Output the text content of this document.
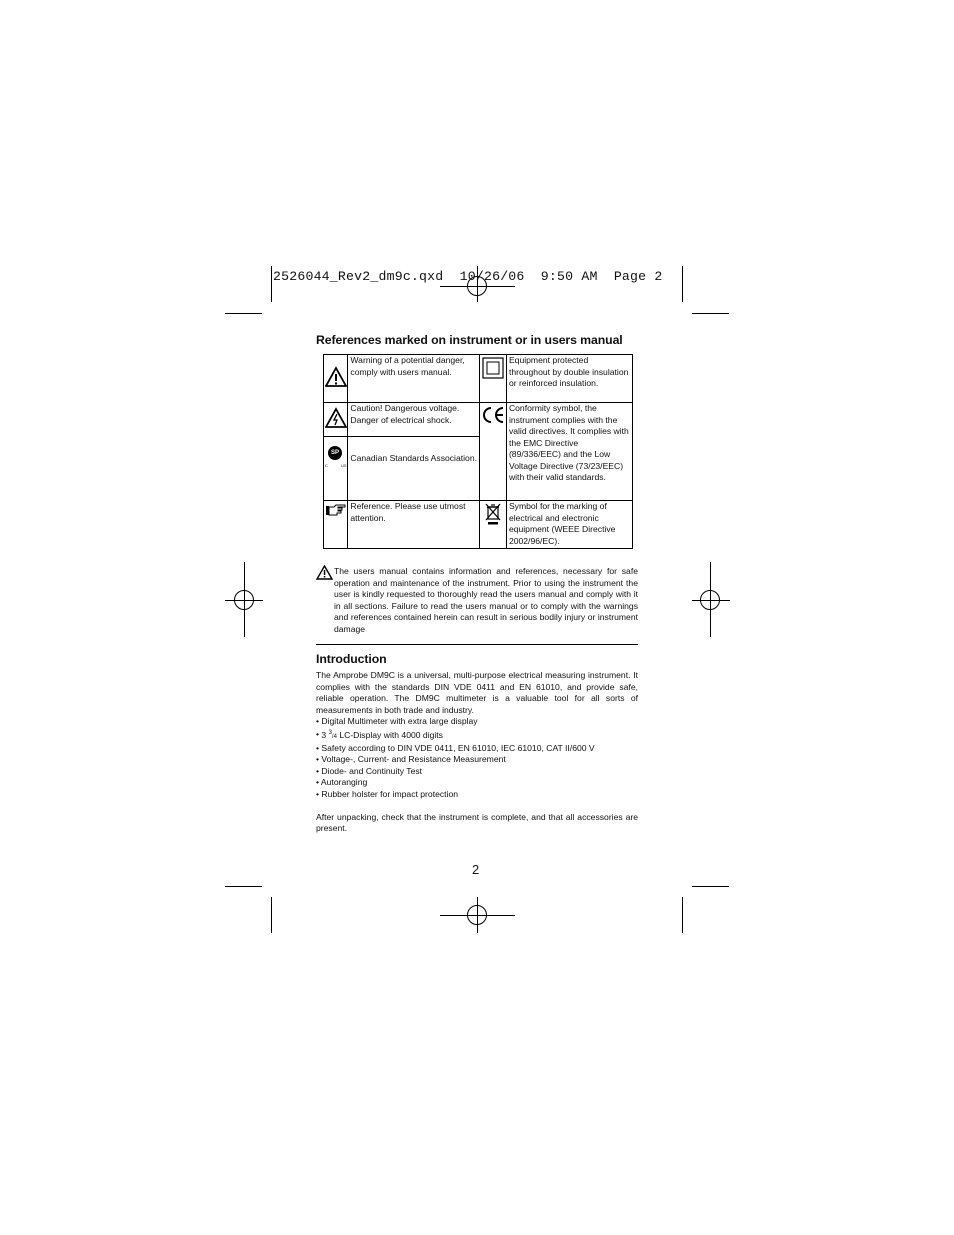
2526044_Rev2_dm9c.qxd 10/26/06 9:50 AM Page 2
References marked on instrument or in users manual
	Warning of a potential danger, comply with users manual.		Equipment protected throughout by double insulation or reinforced insulation.
	Caution! Dangerous voltage. Danger of electrical shock.		Conformity symbol, the instrument complies with the valid directives. It complies with the EMC Directive (89/336/EEC) and the Low Voltage Directive (73/23/EEC) with their valid standards.

SP
C US	Canadian Standards Association.		
	Reference. Please use utmost attention.		Symbol for the marking of electrical and electronic equipment (WEEE Directive 2002/96/EC).

The users manual contains information and references, necessary for safe operation and maintenance of the instrument. Prior to using the instrument the user is kindly requested to thoroughly read the users manual and comply with it in all sections. Failure to read the users manual or to comply with the warnings and references contained herein can result in serious bodily injury or instrument damage

Introduction

The Amprobe DM9C is a universal, multi-purpose electrical measuring instrument. It complies with the standards DIN VDE 0411 and EN 61010, and provide safe, reliable operation. The DM9C multimeter is a valuable tool for all sorts of measurements in both trade and industry.

• Digital Multimeter with extra large display
• 3 $^3$/4 LC-Display with 4000 digits
• Safety according to DIN VDE 0411, EN 61010, IEC 61010, CAT II/600 V
• Voltage-, Current- and Resistance Measurement
• Diode- and Continuity Test
• Autoranging
• Rubber holster for impact protection

After unpacking, check that the instrument is complete, and that all accessories are present.

2
